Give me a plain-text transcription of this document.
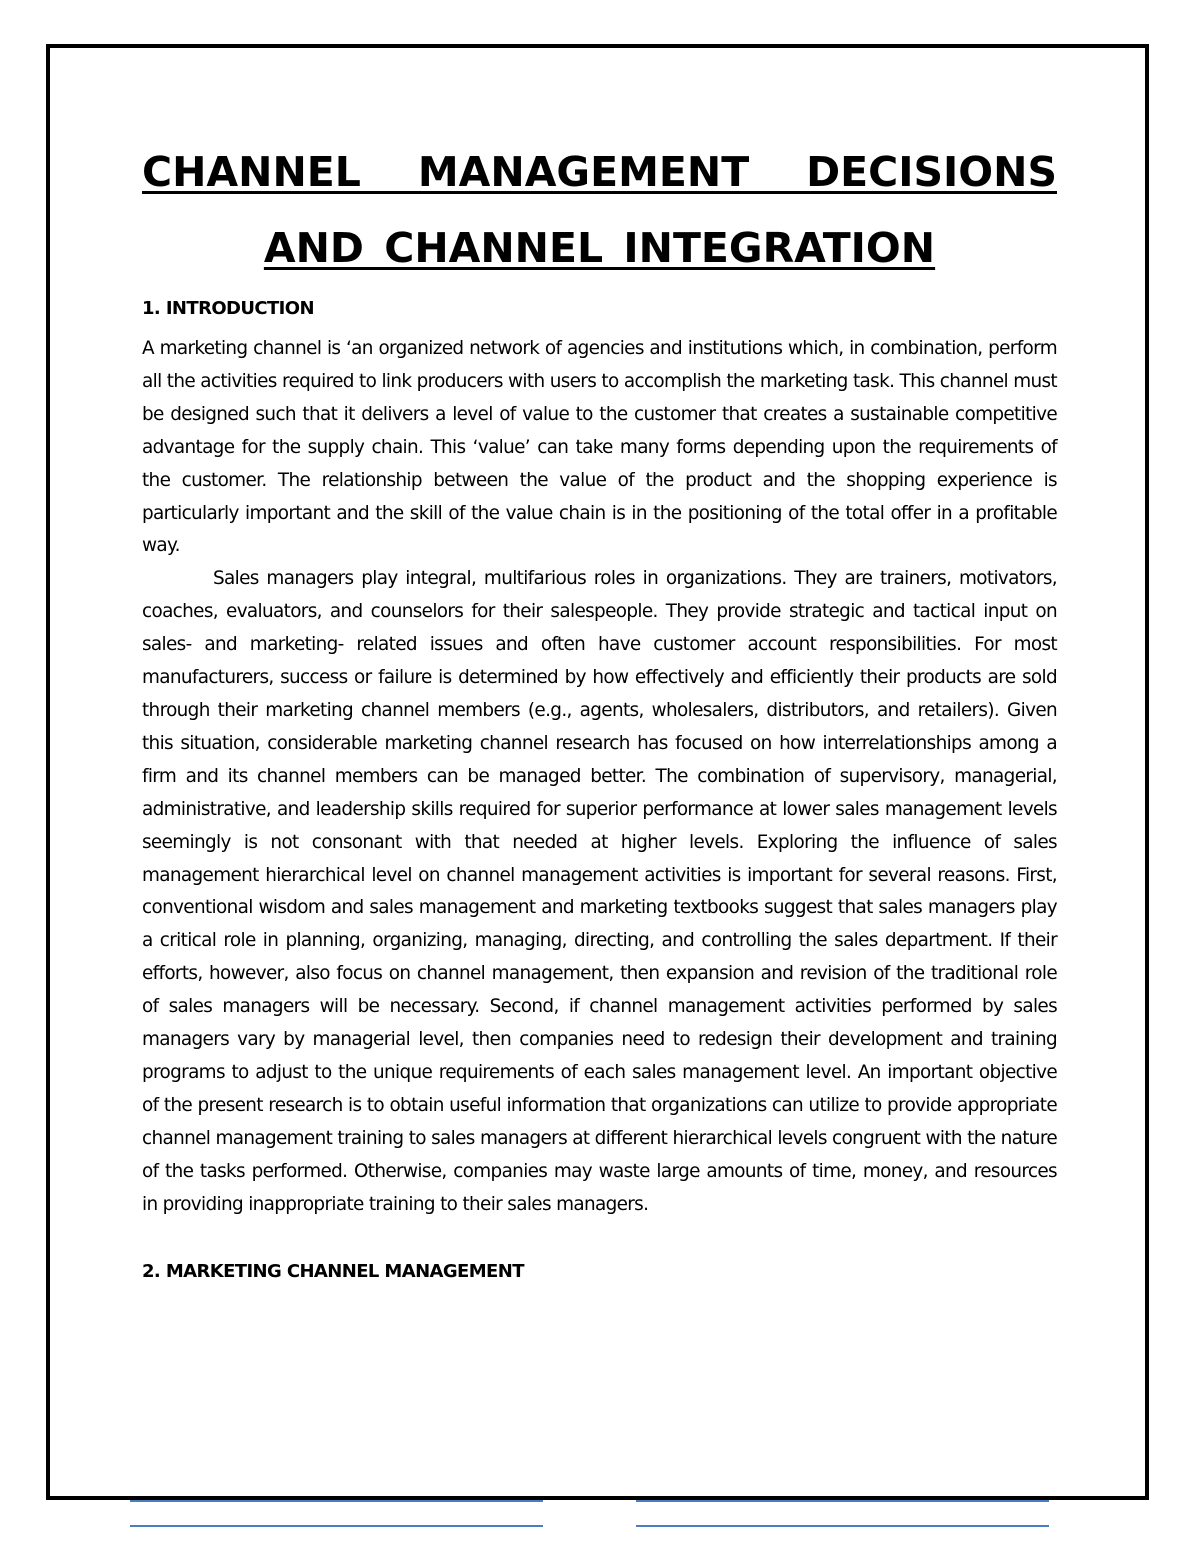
CHANNEL MANAGEMENT DECISIONS
AND CHANNEL INTEGRATION
1. INTRODUCTION

A marketing channel is ‘an organized network of agencies and institutions which, in combination, perform all the activities required to link producers with users to accomplish the marketing task. This channel must be designed such that it delivers a level of value to the customer that creates a sustainable competitive advantage for the supply chain. This ‘value’ can take many forms depending upon the requirements of the customer. The relationship between the value of the product and the shopping experience is particularly important and the skill of the value chain is in the positioning of the total offer in a profitable way.

Sales managers play integral, multifarious roles in organizations. They are trainers, motivators, coaches, evaluators, and counselors for their salespeople. They provide strategic and tactical input on sales- and marketing- related issues and often have customer account responsibilities. For most manufacturers, success or failure is determined by how effectively and efficiently their products are sold through their marketing channel members (e.g., agents, wholesalers, distributors, and retailers). Given this situation, considerable marketing channel research has focused on how interrelationships among a firm and its channel members can be managed better. The combination of supervisory, managerial, administrative, and leadership skills required for superior performance at lower sales management levels seemingly is not consonant with that needed at higher levels. Exploring the influence of sales management hierarchical level on channel management activities is important for several reasons. First, conventional wisdom and sales management and marketing textbooks suggest that sales managers play a critical role in planning, organizing, managing, directing, and controlling the sales department. If their efforts, however, also focus on channel management, then expansion and revision of the traditional role of sales managers will be necessary. Second, if channel management activities performed by sales managers vary by managerial level, then companies need to redesign their development and training programs to adjust to the unique requirements of each sales management level. An important objective of the present research is to obtain useful information that organizations can utilize to provide appropriate channel management training to sales managers at different hierarchical levels congruent with the nature of the tasks performed. Otherwise, companies may waste large amounts of time, money, and resources in providing inappropriate training to their sales managers.

2. MARKETING CHANNEL MANAGEMENT
